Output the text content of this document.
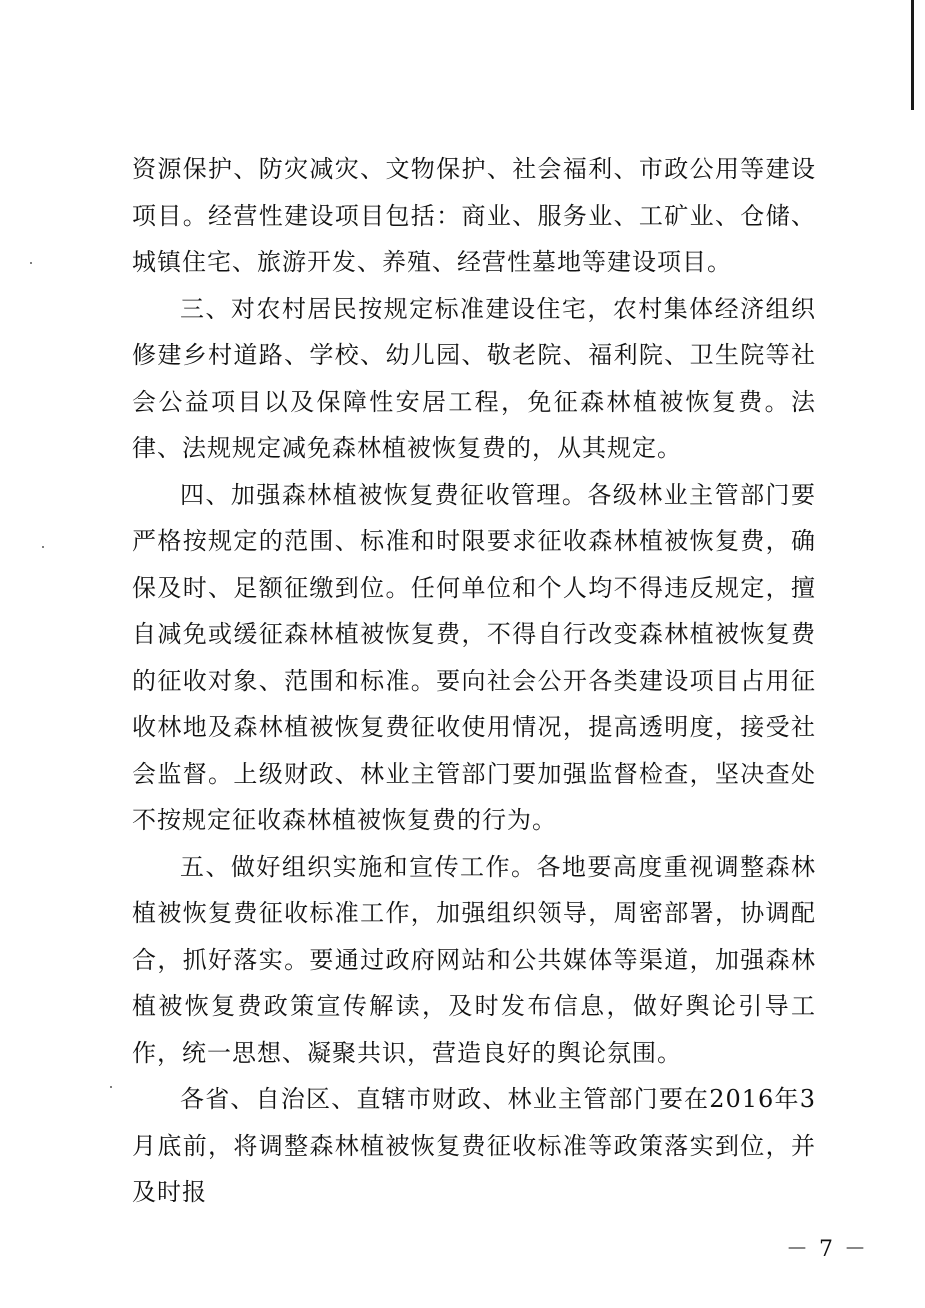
资源保护、防灾减灾、文物保护、社会福利、市政公用等建设项目。经营性建设项目包括：商业、服务业、工矿业、仓储、城镇住宅、旅游开发、养殖、经营性墓地等建设项目。

三、对农村居民按规定标准建设住宅，农村集体经济组织修建乡村道路、学校、幼儿园、敬老院、福利院、卫生院等社会公益项目以及保障性安居工程，免征森林植被恢复费。法律、法规规定减免森林植被恢复费的，从其规定。

四、加强森林植被恢复费征收管理。各级林业主管部门要严格按规定的范围、标准和时限要求征收森林植被恢复费，确保及时、足额征缴到位。任何单位和个人均不得违反规定，擅自减免或缓征森林植被恢复费，不得自行改变森林植被恢复费的征收对象、范围和标准。要向社会公开各类建设项目占用征收林地及森林植被恢复费征收使用情况，提高透明度，接受社会监督。上级财政、林业主管部门要加强监督检查，坚决查处不按规定征收森林植被恢复费的行为。

五、做好组织实施和宣传工作。各地要高度重视调整森林植被恢复费征收标准工作，加强组织领导，周密部署，协调配合，抓好落实。要通过政府网站和公共媒体等渠道，加强森林植被恢复费政策宣传解读，及时发布信息，做好舆论引导工作，统一思想、凝聚共识，营造良好的舆论氛围。

各省、自治区、直辖市财政、林业主管部门要在2016年3月底前，将调整森林植被恢复费征收标准等政策落实到位，并及时报

－ 7 －
